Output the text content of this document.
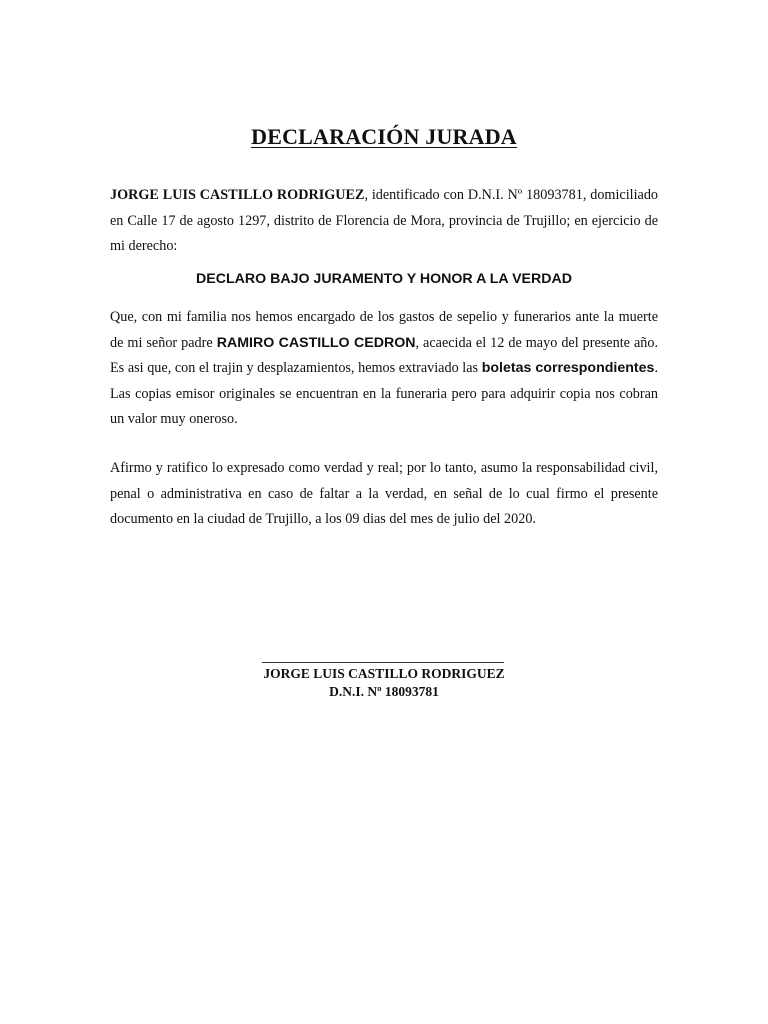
DECLARACIÓN JURADA
JORGE LUIS CASTILLO RODRIGUEZ, identificado con D.N.I. Nº 18093781, domiciliado en Calle 17 de agosto 1297, distrito de Florencia de Mora, provincia de Trujillo; en ejercicio de mi derecho:
DECLARO BAJO JURAMENTO Y HONOR A LA VERDAD
Que, con mi familia nos hemos encargado de los gastos de sepelio y funerarios ante la muerte de mi señor padre RAMIRO CASTILLO CEDRON, acaecida el 12 de mayo del presente año. Es asi que, con el trajin y desplazamientos, hemos extraviado las boletas correspondientes. Las copias emisor originales se encuentran en la funeraria pero para adquirir copia nos cobran un valor muy oneroso.
Afirmo y ratifico lo expresado como verdad y real; por lo tanto, asumo la responsabilidad civil, penal o administrativa en caso de faltar a la verdad, en señal de lo cual firmo el presente documento en la ciudad de Trujillo, a los 09 dias del mes de julio del 2020.
JORGE LUIS CASTILLO RODRIGUEZ
D.N.I. Nº 18093781
